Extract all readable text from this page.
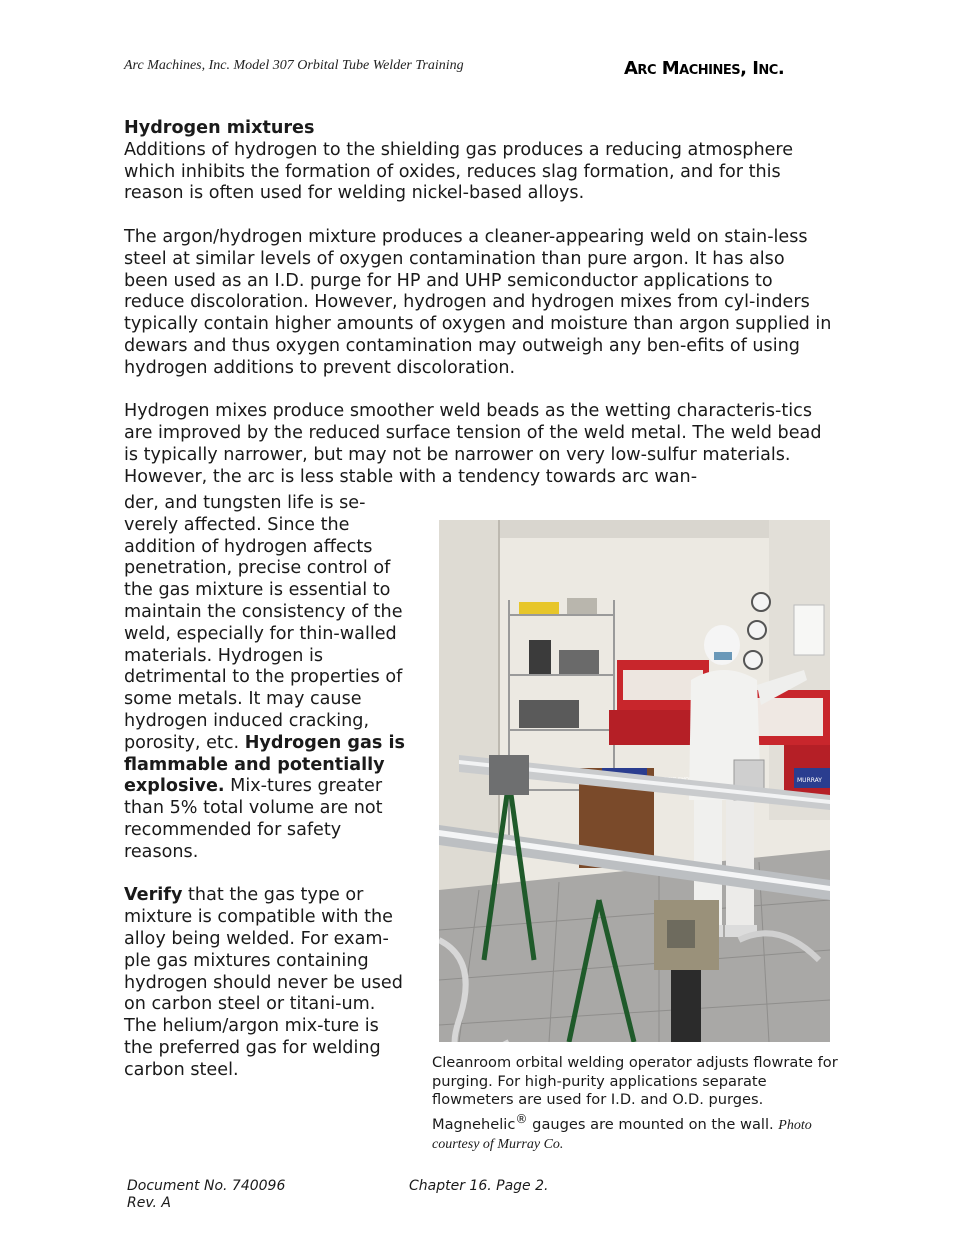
Arc Machines, Inc. Model 307 Orbital Tube Welder Training	Arc Machines, Inc.
Hydrogen mixtures

Additions of hydrogen to the shielding gas produces a reducing atmosphere which inhibits the formation of oxides, reduces slag formation, and for this reason is often used for welding nickel-based alloys.

The argon/hydrogen mixture produces a cleaner-appearing weld on stain-less steel at similar levels of oxygen contamination than pure argon. It has also been used as an I.D. purge for HP and UHP semiconductor applications to reduce discoloration. However, hydrogen and hydrogen mixes from cyl-inders typically contain higher amounts of oxygen and moisture than argon supplied in dewars and thus oxygen contamination may outweigh any ben-efits of using hydrogen additions to prevent discoloration.

Hydrogen mixes produce smoother weld beads as the wetting characteris-tics are improved by the reduced surface tension of the weld metal. The weld bead is typically narrower, but may not be narrower on very low-sulfur materials. However, the arc is less stable with a tendency towards arc wan-

der, and tungsten life is se-verely affected. Since the addition of hydrogen affects penetration, precise control of the gas mixture is essential to maintain the consistency of the weld, especially for thin-walled materials. Hydrogen is detrimental to the properties of some metals. It may cause hydrogen induced cracking, porosity, etc. Hydrogen gas is flammable and potentially explosive. Mix-tures greater than 5% total volume are not recommended for safety reasons.

Verify that the gas type or mixture is compatible with the alloy being welded. For exam-ple gas mixtures containing hydrogen should never be used on carbon steel or titani-um. The helium/argon mix-ture is the preferred gas for welding carbon steel.

MURRAY
Cleanroom orbital welding operator adjusts flowrate for purging. For high-purity applications separate flowmeters are used for I.D. and O.D. purges. Magnehelic® gauges are mounted on the wall. Photo courtesy of Murray Co.
Document No. 740096
Rev. A
Chapter 16. Page 2.
